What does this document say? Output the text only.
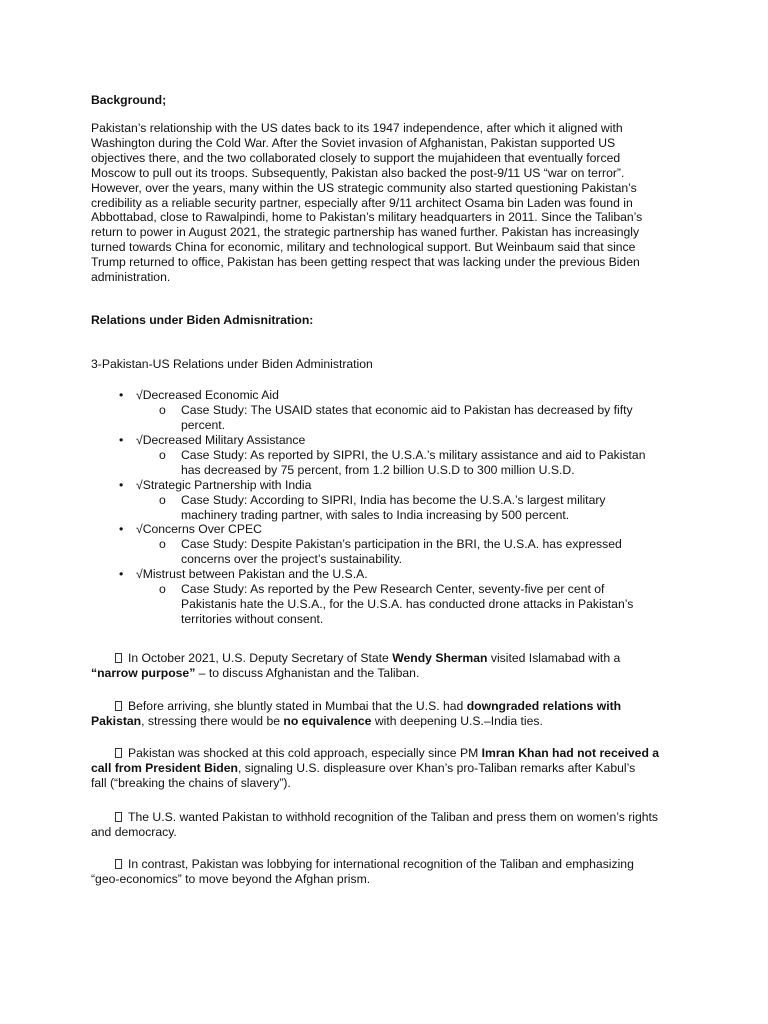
Background;
Pakistan’s relationship with the US dates back to its 1947 independence, after which it aligned with
Washington during the Cold War. After the Soviet invasion of Afghanistan, Pakistan supported US
objectives there, and the two collaborated closely to support the mujahideen that eventually forced
Moscow to pull out its troops. Subsequently, Pakistan also backed the post-9/11 US “war on terror”.
However, over the years, many within the US strategic community also started questioning Pakistan’s
credibility as a reliable security partner, especially after 9/11 architect Osama bin Laden was found in
Abbottabad, close to Rawalpindi, home to Pakistan’s military headquarters in 2011. Since the Taliban’s
return to power in August 2021, the strategic partnership has waned further. Pakistan has increasingly
turned towards China for economic, military and technological support. But Weinbaum said that since
Trump returned to office, Pakistan has been getting respect that was lacking under the previous Biden
administration.
Relations under Biden Admisnitration:
3-Pakistan-US Relations under Biden Administration
• √Decreased Economic Aid
o Case Study: The USAID states that economic aid to Pakistan has decreased by fifty
percent.
• √Decreased Military Assistance
o Case Study: As reported by SIPRI, the U.S.A.’s military assistance and aid to Pakistan
has decreased by 75 percent, from 1.2 billion U.S.D to 300 million U.S.D.
• √Strategic Partnership with India
o Case Study: According to SIPRI, India has become the U.S.A.’s largest military
machinery trading partner, with sales to India increasing by 500 percent.
• √Concerns Over CPEC
o Case Study: Despite Pakistan’s participation in the BRI, the U.S.A. has expressed
concerns over the project’s sustainability.
• √Mistrust between Pakistan and the U.S.A.
o Case Study: As reported by the Pew Research Center, seventy-five per cent of
Pakistanis hate the U.S.A., for the U.S.A. has conducted drone attacks in Pakistan’s
territories without consent.
In October 2021, U.S. Deputy Secretary of State Wendy Sherman visited Islamabad with a
“narrow purpose” – to discuss Afghanistan and the Taliban.
Before arriving, she bluntly stated in Mumbai that the U.S. had downgraded relations with
Pakistan, stressing there would be no equivalence with deepening U.S.–India ties.
Pakistan was shocked at this cold approach, especially since PM Imran Khan had not received a
call from President Biden, signaling U.S. displeasure over Khan’s pro-Taliban remarks after Kabul’s
fall (“breaking the chains of slavery”).
The U.S. wanted Pakistan to withhold recognition of the Taliban and press them on women’s rights
and democracy.
In contrast, Pakistan was lobbying for international recognition of the Taliban and emphasizing
“geo-economics” to move beyond the Afghan prism.
